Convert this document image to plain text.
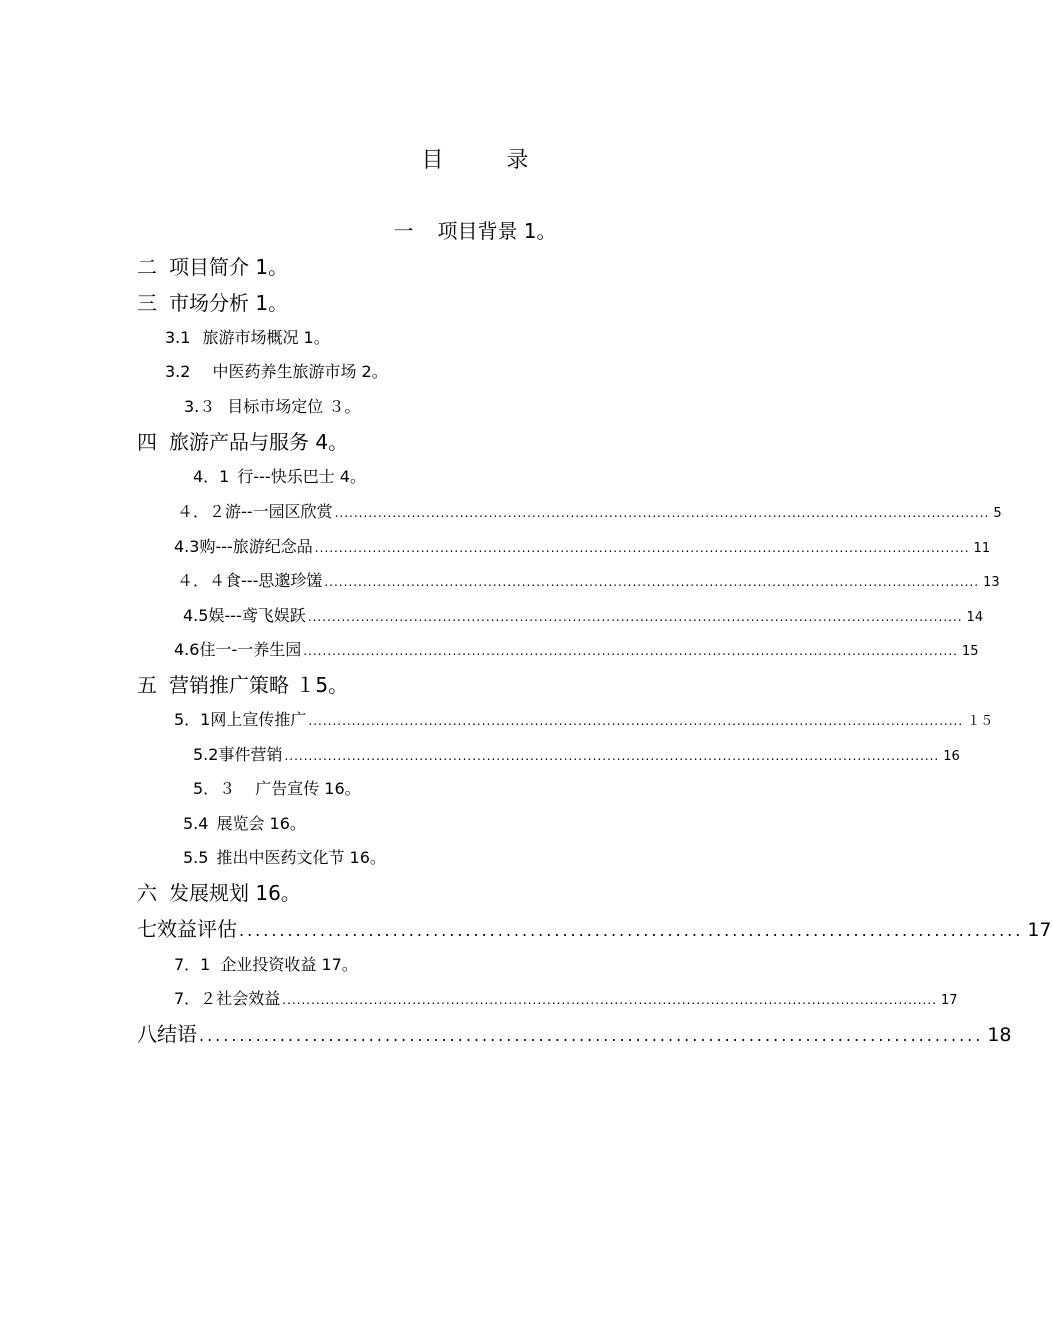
目 录
一 项目背景 1。
二 项目简介 1。
三 市场分析 1。
3.1 旅游市场概况 1。
3.2 中医药养生旅游市场 2。
3.３ 目标市场定位 ３。
四 旅游产品与服务 4。
4．1 行---快乐巴士 4。
４．２ 游--一园区欣赏 ........................................................................................................................................ 5
4.3 购---旅游纪念品 ........................................................................................................................................ 11
４．４ 食---思邈珍馐 ........................................................................................................................................ 13
4.5 娱---鸢飞娱跃 ........................................................................................................................................ 14
4.6 住一-一养生园 ........................................................................................................................................ 15
五 营销推广策略 １5。
5．1 网上宣传推广 ........................................................................................................................................ １５
5.2 事件营销 ........................................................................................................................................ 16
5．３ 广告宣传 16。
5.4 展览会 16。
5.5 推出中医药文化节 16。
六 发展规划 16。
七 效益评估 ................................................................................................. 17
7．1 企业投资收益 17。
7．２ 社会效益 ........................................................................................................................................ 17
八 结语 ................................................................................................. 18
